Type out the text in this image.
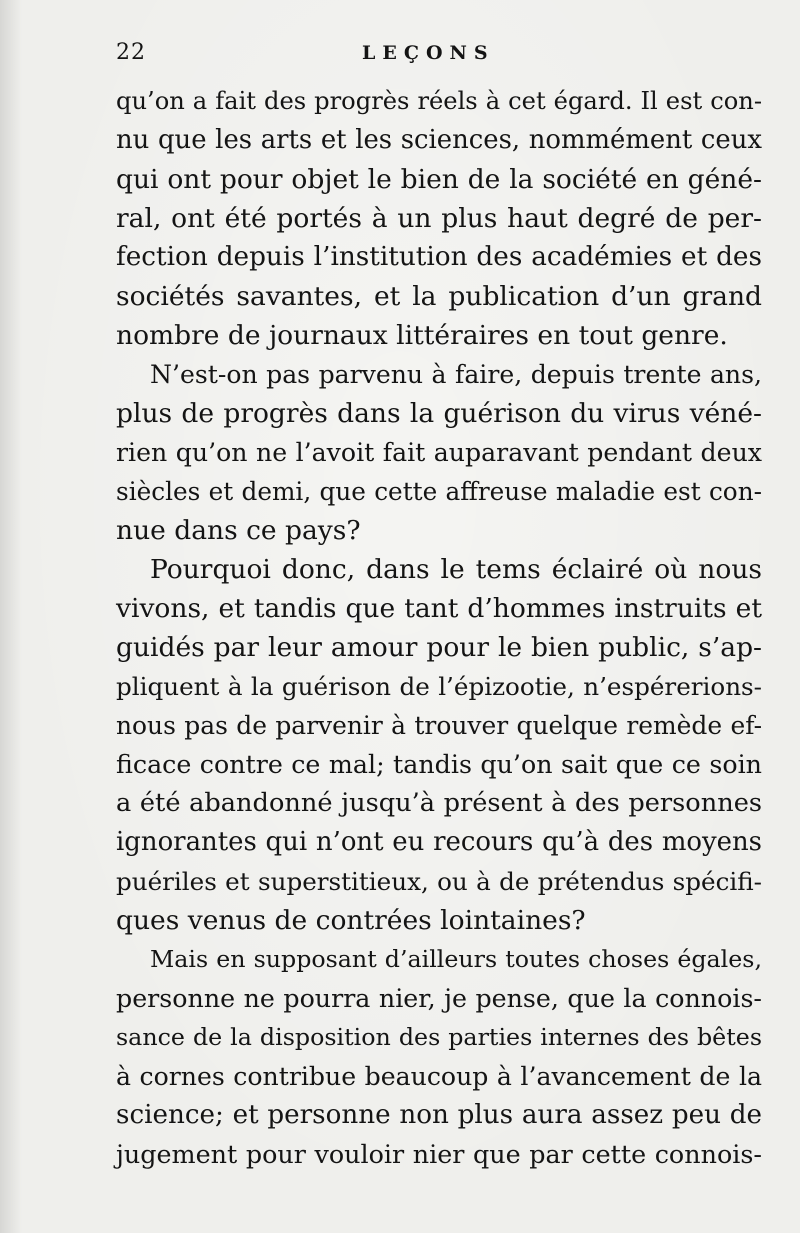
22	LEÇONS
qu’on a fait des progrès réels à cet égard. Il est con-
nu que les arts et les sciences, nommément ceux
qui ont pour objet le bien de la société en géné-
ral, ont été portés à un plus haut degré de per-
fection depuis l’institution des académies et des
sociétés savantes, et la publication d’un grand
nombre de journaux littéraires en tout genre.
N’est-on pas parvenu à faire, depuis trente ans,
plus de progrès dans la guérison du virus véné-
rien qu’on ne l’avoit fait auparavant pendant deux
siècles et demi, que cette affreuse maladie est con-
nue dans ce pays?
Pourquoi donc, dans le tems éclairé où nous
vivons, et tandis que tant d’hommes instruits et
guidés par leur amour pour le bien public, s’ap-
pliquent à la guérison de l’épizootie, n’espérerions-
nous pas de parvenir à trouver quelque remède ef-
ficace contre ce mal; tandis qu’on sait que ce soin
a été abandonné jusqu’à présent à des personnes
ignorantes qui n’ont eu recours qu’à des moyens
puériles et superstitieux, ou à de prétendus spécifi-
ques venus de contrées lointaines?
Mais en supposant d’ailleurs toutes choses égales,
personne ne pourra nier, je pense, que la connois-
sance de la disposition des parties internes des bêtes
à cornes contribue beaucoup à l’avancement de la
science; et personne non plus aura assez peu de
jugement pour vouloir nier que par cette connois-
